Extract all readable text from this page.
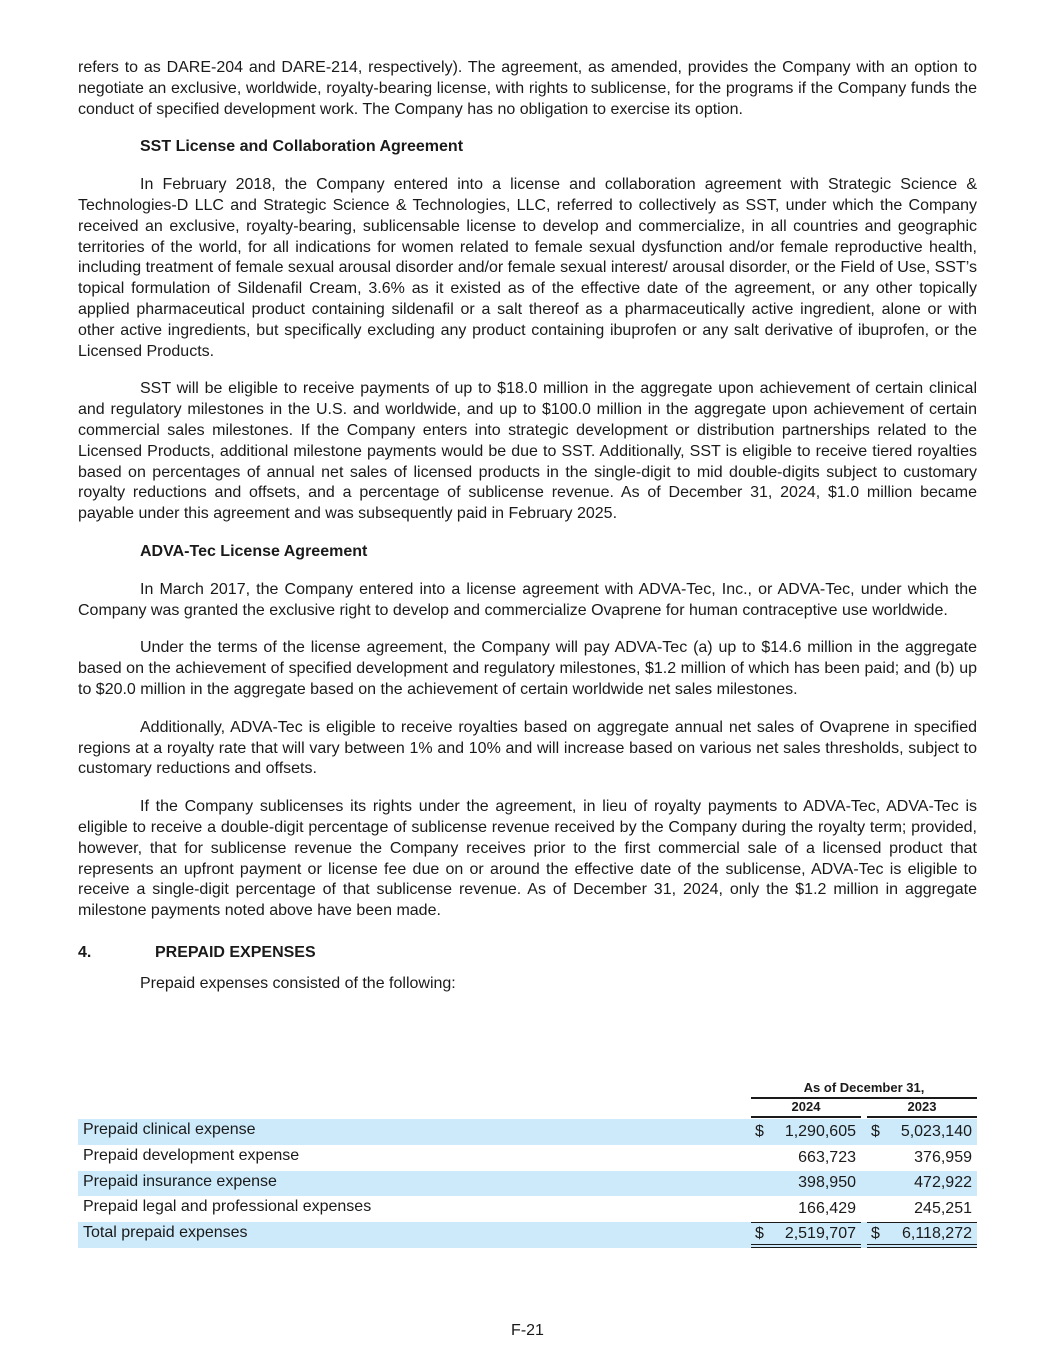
refers to as DARE-204 and DARE-214, respectively). The agreement, as amended, provides the Company with an option to negotiate an exclusive, worldwide, royalty-bearing license, with rights to sublicense, for the programs if the Company funds the conduct of specified development work. The Company has no obligation to exercise its option.

SST License and Collaboration Agreement

In February 2018, the Company entered into a license and collaboration agreement with Strategic Science & Technologies-D LLC and Strategic Science & Technologies, LLC, referred to collectively as SST, under which the Company received an exclusive, royalty-bearing, sublicensable license to develop and commercialize, in all countries and geographic territories of the world, for all indications for women related to female sexual dysfunction and/or female reproductive health, including treatment of female sexual arousal disorder and/or female sexual interest/ arousal disorder, or the Field of Use, SST’s topical formulation of Sildenafil Cream, 3.6% as it existed as of the effective date of the agreement, or any other topically applied pharmaceutical product containing sildenafil or a salt thereof as a pharmaceutically active ingredient, alone or with other active ingredients, but specifically excluding any product containing ibuprofen or any salt derivative of ibuprofen, or the Licensed Products.

SST will be eligible to receive payments of up to $18.0 million in the aggregate upon achievement of certain clinical and regulatory milestones in the U.S. and worldwide, and up to $100.0 million in the aggregate upon achievement of certain commercial sales milestones. If the Company enters into strategic development or distribution partnerships related to the Licensed Products, additional milestone payments would be due to SST. Additionally, SST is eligible to receive tiered royalties based on percentages of annual net sales of licensed products in the single-digit to mid double-digits subject to customary royalty reductions and offsets, and a percentage of sublicense revenue. As of December 31, 2024, $1.0 million became payable under this agreement and was subsequently paid in February 2025.

ADVA-Tec License Agreement

In March 2017, the Company entered into a license agreement with ADVA-Tec, Inc., or ADVA-Tec, under which the Company was granted the exclusive right to develop and commercialize Ovaprene for human contraceptive use worldwide.

Under the terms of the license agreement, the Company will pay ADVA-Tec (a) up to $14.6 million in the aggregate based on the achievement of specified development and regulatory milestones, $1.2 million of which has been paid; and (b) up to $20.0 million in the aggregate based on the achievement of certain worldwide net sales milestones.

Additionally, ADVA-Tec is eligible to receive royalties based on aggregate annual net sales of Ovaprene in specified regions at a royalty rate that will vary between 1% and 10% and will increase based on various net sales thresholds, subject to customary reductions and offsets.

If the Company sublicenses its rights under the agreement, in lieu of royalty payments to ADVA-Tec, ADVA-Tec is eligible to receive a double-digit percentage of sublicense revenue received by the Company during the royalty term; provided, however, that for sublicense revenue the Company receives prior to the first commercial sale of a licensed product that represents an upfront payment or license fee due on or around the effective date of the sublicense, ADVA-Tec is eligible to receive a single-digit percentage of that sublicense revenue. As of December 31, 2024, only the $1.2 million in aggregate milestone payments noted above have been made.

4.	PREPAID EXPENSES

Prepaid expenses consisted of the following:

As of December 31,
2024	2023
Prepaid clinical expense	$ 1,290,605 $ 5,023,140
Prepaid development expense	663,723	376,959
Prepaid insurance expense	398,950	472,922
Prepaid legal and professional expenses	166,429	245,251
Total prepaid expenses	$ 2,519,707 $ 6,118,272
F-21
